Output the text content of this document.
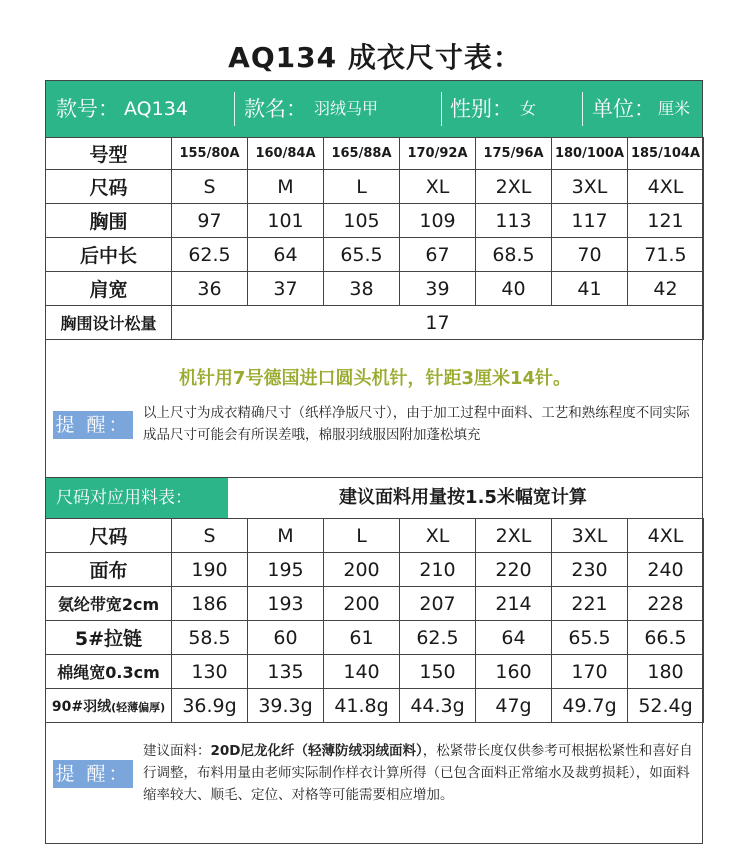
AQ134 成衣尺寸表：
款号： AQ134	款名： 羽绒马甲	性别： 女	单位： 厘米
号型	155/80A	160/84A	165/88A	170/92A	175/96A	180/100A	185/104A
尺码	S	M	L	XL	2XL	3XL	4XL
胸围	97	101	105	109	113	117	121
后中长	62.5	64	65.5	67	68.5	70	71.5
肩宽	36	37	38	39	40	41	42
胸围设计松量	17						
机针用7号德国进口圆头机针，针距3厘米14针。
提 醒：
以上尺寸为成衣精确尺寸（纸样净版尺寸），由于加工过程中面料、工艺和熟练程度不同实际成品尺寸可能会有所误差哦，棉服羽绒服因附加蓬松填充
尺码对应用料表：	建议面料用量按1.5米幅宽计算
尺码	S	M	L	XL	2XL	3XL	4XL
面布	190	195	200	210	220	230	240
氨纶带宽2cm	186	193	200	207	214	221	228
5#拉链	58.5	60	61	62.5	64	65.5	66.5
棉绳宽0.3cm	130	135	140	150	160	170	180
90#羽绒(轻薄偏厚)	36.9g	39.3g	41.8g	44.3g	47g	49.7g	52.4g
提 醒：
建议面料：20D尼龙化纤（轻薄防绒羽绒面料），松紧带长度仅供参考可根据松紧性和喜好自行调整，布料用量由老师实际制作样衣计算所得（已包含面料正常缩水及裁剪损耗），如面料缩率较大、顺毛、定位、对格等可能需要相应增加。
